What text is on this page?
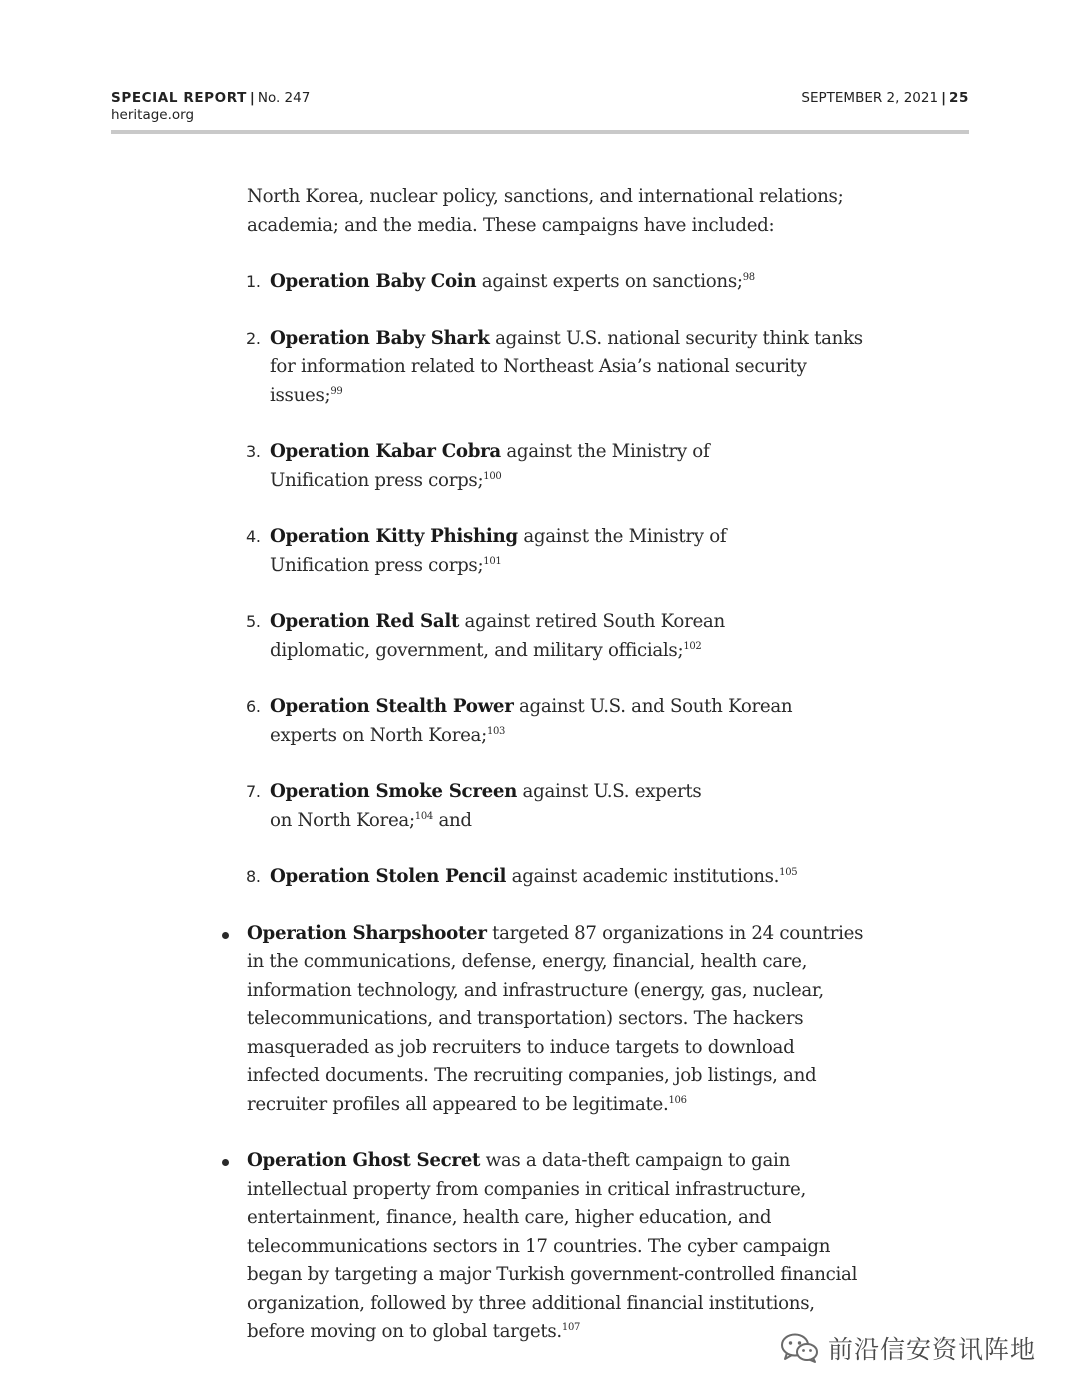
SPECIAL REPORT | No. 247
heritage.org
SEPTEMBER 2, 2021 | 25

North Korea, nuclear policy, sanctions, and international relations; academia; and the media. These campaigns have included:

1. Operation Baby Coin against experts on sanctions;$^{98}$
2. Operation Baby Shark against U.S. national security think tanks for information related to Northeast Asia’s national security issues;$^{99}$
3. Operation Kabar Cobra against the Ministry of Unification press corps;$^{100}$
4. Operation Kitty Phishing against the Ministry of Unification press corps;$^{101}$
5. Operation Red Salt against retired South Korean diplomatic, government, and military officials;$^{102}$
6. Operation Stealth Power against U.S. and South Korean experts on North Korea;$^{103}$
7. Operation Smoke Screen against U.S. experts on North Korea;$^{104}$ and
8. Operation Stolen Pencil against academic institutions.$^{105}$
Operation Sharpshooter targeted 87 organizations in 24 countries in the communications, defense, energy, financial, health care, information technology, and infrastructure (energy, gas, nuclear, telecommunications, and transportation) sectors. The hackers masqueraded as job recruiters to induce targets to download infected documents. The recruiting companies, job listings, and recruiter profiles all appeared to be legitimate.$^{106}$
Operation Ghost Secret was a data-theft campaign to gain intellectual property from companies in critical infrastructure, entertainment, finance, health care, higher education, and telecommunications sectors in 17 countries. The cyber campaign began by targeting a major Turkish government-controlled financial organization, followed by three additional financial institutions, before moving on to global targets.$^{107}$
前沿信安资讯阵地
